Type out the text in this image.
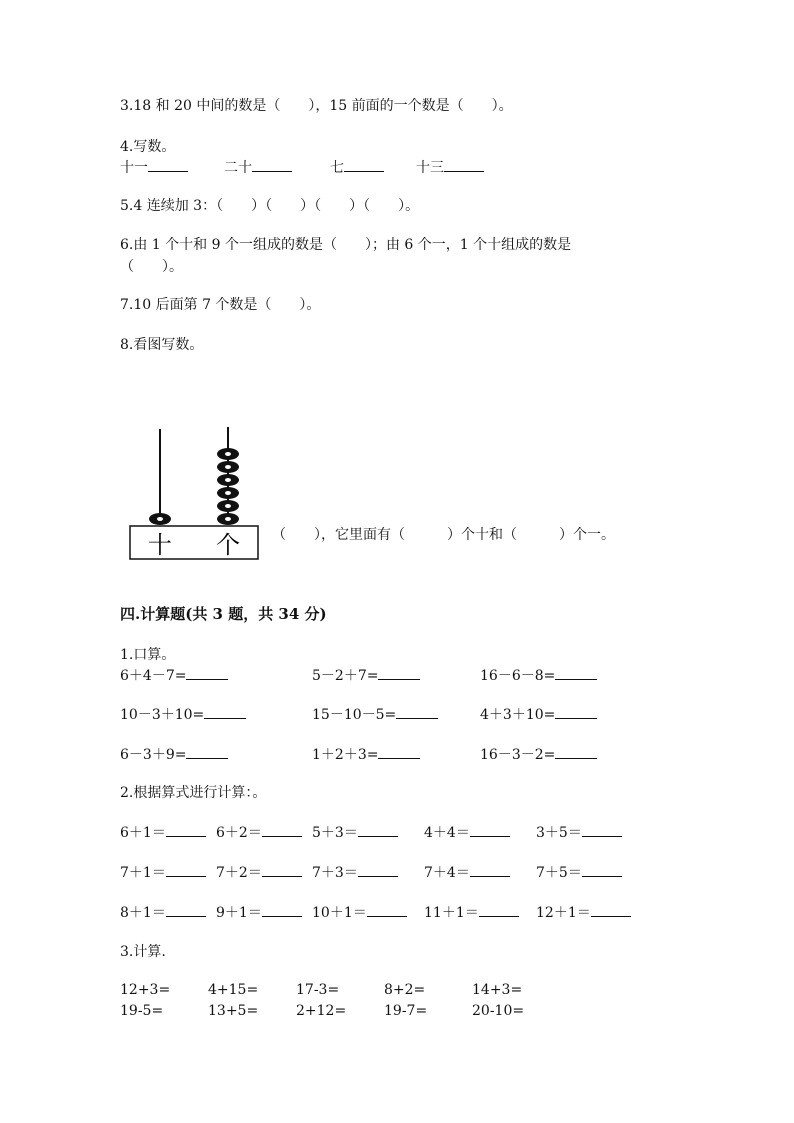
3.18 和 20 中间的数是（　　），15 前面的一个数是（　　）。
4.写数。
十一	二十	七	十三
5.4 连续加 3：（　　）（　　）（　　）（　　）。
6.由 1 个十和 9 个一组成的数是（　　）；由 6 个一，1 个十组成的数是
（　　）。
7.10 后面第 7 个数是（　　）。
8.看图写数。
十 个 （　　），它里面有（　　　）个十和（　　　）个一。
四.计算题(共 3 题，共 34 分)
1.口算。
6＋4－7=	5－2＋7=	16－6－8=
10－3＋10=	15－10－5=	4＋3＋10=
6－3＋9=	1＋2＋3=	16－3－2=
2.根据算式进行计算：。
6＋1＝	6＋2＝	5＋3＝	4＋4＝	3＋5＝
7＋1＝	7＋2＝	7＋3＝	7＋4＝	7＋5＝
8＋1＝	9＋1＝	10＋1＝	11＋1＝	12＋1＝
3.计算.
12+3=	4+15=	17-3=	8+2=	14+3=
19-5=	13+5=	2+12=	19-7=	20-10=
